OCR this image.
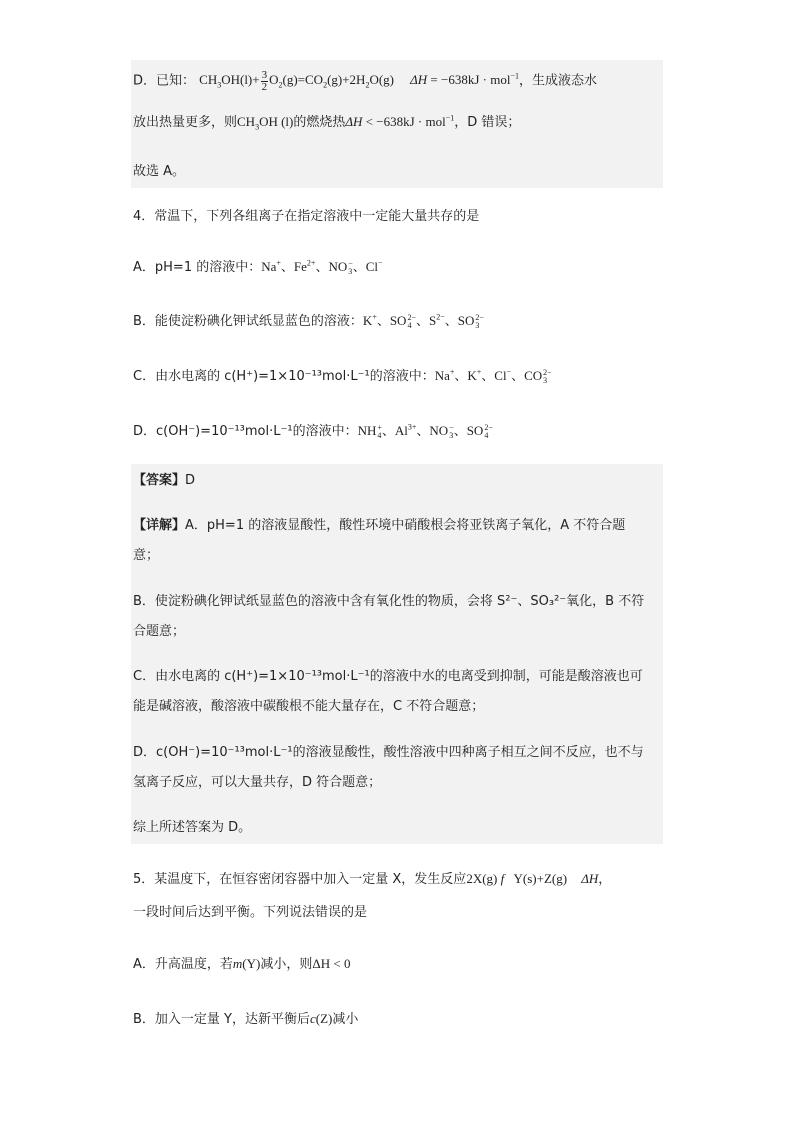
D．已知： $CH_3OH(l)+ \frac{3}{2} O_2(g)=CO_2(g)+2H_2O(g) \Delta H = -638kJ \cdot mol^{-1}$，生成液态水
放出热量更多，则$CH_3OH$ (l)的燃烧热ΔH < −638kJ · mol$^{-1}$，D 错误；
故选 A。
4．常温下，下列各组离子在指定溶液中一定能大量共存的是
A．pH=1 的溶液中：Na+、$Fe^{2+}$、NO −
3 、Cl−
B．能使淀粉碘化钾试纸显蓝色的溶液：K+、SO 2−
4 、$S^{2-}$、SO 2−
3
C．由水电离的 c(H⁺)=1×10⁻¹³mol·L⁻¹的溶液中：Na+、K+、Cl−、CO 2−
3
D．c(OH⁻)=10⁻¹³mol·L⁻¹的溶液中：NH +
4 、$Al^{3+}$、NO −
3 、SO 2−
4
【答案】D
【详解】A．pH=1 的溶液显酸性，酸性环境中硝酸根会将亚铁离子氧化，A 不符合题
意；
B．使淀粉碘化钾试纸显蓝色的溶液中含有氧化性的物质，会将 S²⁻、SO₃²⁻氧化，B 不符
合题意；
C．由水电离的 c(H⁺)=1×10⁻¹³mol·L⁻¹的溶液中水的电离受到抑制，可能是酸溶液也可
能是碱溶液，酸溶液中碳酸根不能大量存在，C 不符合题意；
D．c(OH⁻)=10⁻¹³mol·L⁻¹的溶液显酸性，酸性溶液中四种离子相互之间不反应，也不与
氢离子反应，可以大量共存，D 符合题意；
综上所述答案为 D。
5．某温度下，在恒容密闭容器中加入一定量 X，发生反应2X(g) f   Y(s)+Z(g) ΔH，
一段时间后达到平衡。下列说法错误的是
A．升高温度，若m(Y)减小，则ΔH < 0
B．加入一定量 Y，达新平衡后c(Z)减小
